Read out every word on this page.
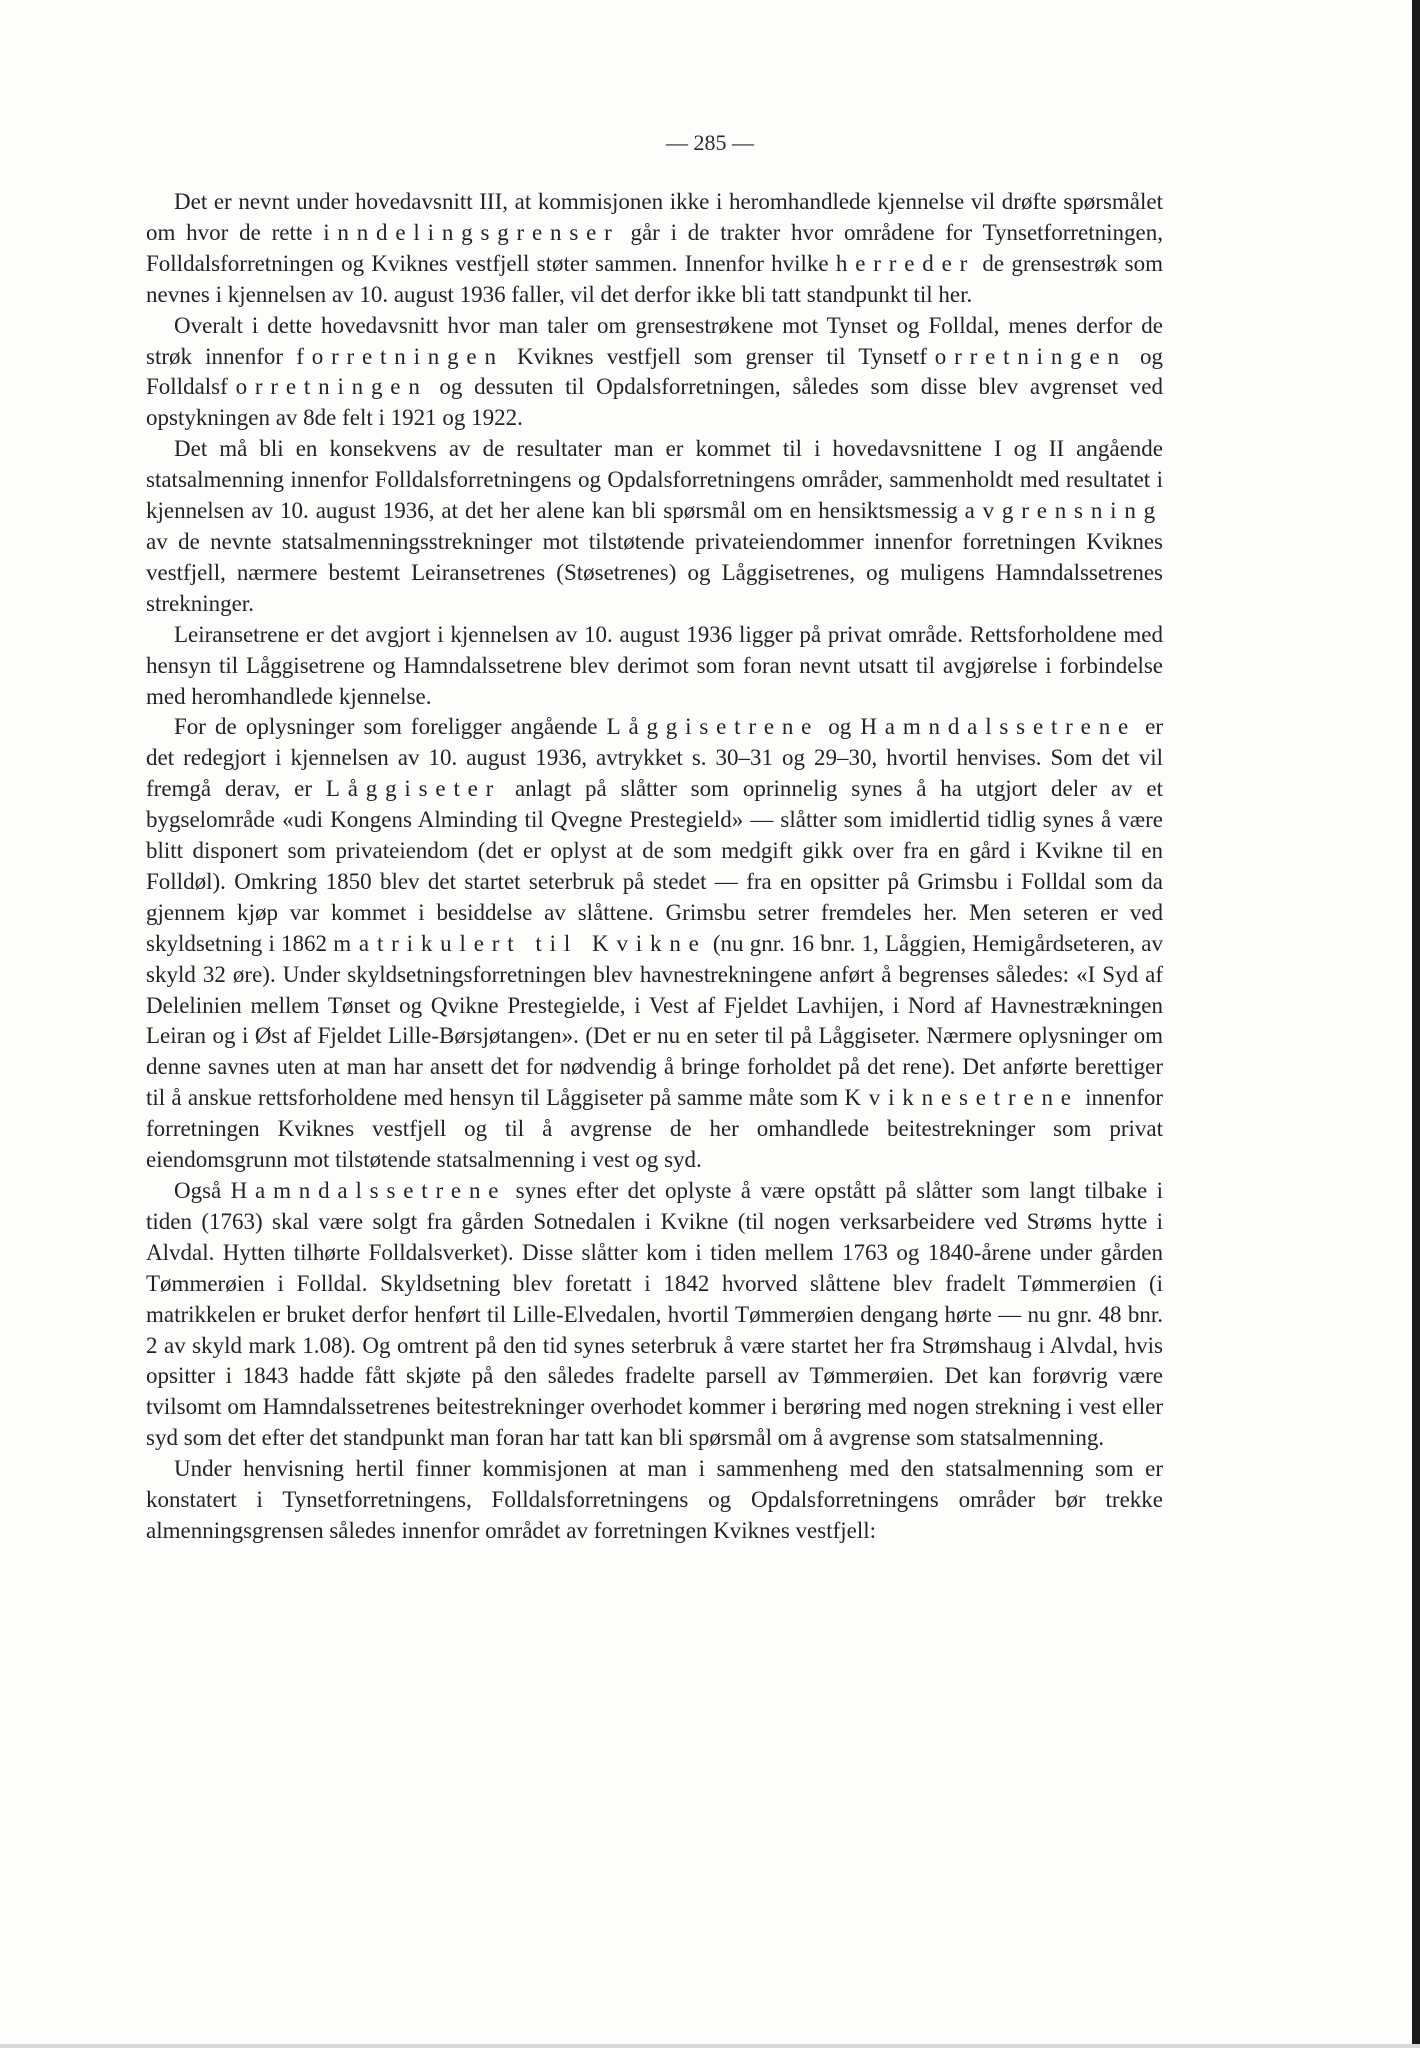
— 285 —

Det er nevnt under hovedavsnitt III, at kommisjonen ikke i heromhandlede kjennelse vil drøfte spørsmålet om hvor de rette inndelingsgrenser går i de trakter hvor områdene for Tynsetforretningen, Folldalsforretningen og Kviknes vestfjell støter sammen. Innenfor hvilke herreder de grensestrøk som nevnes i kjennelsen av 10. august 1936 faller, vil det derfor ikke bli tatt standpunkt til her.

Overalt i dette hovedavsnitt hvor man taler om grensestrøkene mot Tynset og Folldal, menes derfor de strøk innenfor forretningen Kviknes vestfjell som grenser til Tynsetforretningen og Folldalsforretningen og dessuten til Opdalsforretningen, således som disse blev avgrenset ved opstykningen av 8de felt i 1921 og 1922.

Det må bli en konsekvens av de resultater man er kommet til i hovedavsnittene I og II angående statsalmenning innenfor Folldalsforretningens og Opdalsforretningens områder, sammenholdt med resultatet i kjennelsen av 10. august 1936, at det her alene kan bli spørsmål om en hensiktsmessig avgrensning av de nevnte statsalmenningsstrekninger mot tilstøtende privateiendommer innenfor forretningen Kviknes vestfjell, nærmere bestemt Leiransetrenes (Støsetrenes) og Låggisetrenes, og muligens Hamndalssetrenes strekninger.

Leiransetrene er det avgjort i kjennelsen av 10. august 1936 ligger på privat område. Rettsforholdene med hensyn til Låggisetrene og Hamndalssetrene blev derimot som foran nevnt utsatt til avgjørelse i forbindelse med heromhandlede kjennelse.

For de oplysninger som foreligger angående Låggisetrene og Hamndalssetrene er det redegjort i kjennelsen av 10. august 1936, avtrykket s. 30–31 og 29–30, hvortil henvises. Som det vil fremgå derav, er Låggiseter anlagt på slåtter som oprinnelig synes å ha utgjort deler av et bygselområde «udi Kongens Alminding til Qvegne Prestegield» — slåtter som imidlertid tidlig synes å være blitt disponert som privateiendom (det er oplyst at de som medgift gikk over fra en gård i Kvikne til en Folldøl). Omkring 1850 blev det startet seterbruk på stedet — fra en opsitter på Grimsbu i Folldal som da gjennem kjøp var kommet i besiddelse av slåttene. Grimsbu setrer fremdeles her. Men seteren er ved skyldsetning i 1862 matrikulert til Kvikne (nu gnr. 16 bnr. 1, Låggien, Hemigårdseteren, av skyld 32 øre). Under skyldsetningsforretningen blev havnestrekningene anført å begrenses således: «I Syd af Delelinien mellem Tønset og Qvikne Prestegielde, i Vest af Fjeldet Lavhijen, i Nord af Havnestrækningen Leiran og i Øst af Fjeldet Lille-Børsjøtangen». (Det er nu en seter til på Låggiseter. Nærmere oplysninger om denne savnes uten at man har ansett det for nødvendig å bringe forholdet på det rene). Det anførte berettiger til å anskue rettsforholdene med hensyn til Låggiseter på samme måte som Kviknesetrene innenfor forretningen Kviknes vestfjell og til å avgrense de her omhandlede beitestrekninger som privat eiendomsgrunn mot tilstøtende statsalmenning i vest og syd.

Også Hamndalssetrene synes efter det oplyste å være opstått på slåtter som langt tilbake i tiden (1763) skal være solgt fra gården Sotnedalen i Kvikne (til nogen verksarbeidere ved Strøms hytte i Alvdal. Hytten tilhørte Folldalsverket). Disse slåtter kom i tiden mellem 1763 og 1840-årene under gården Tømmerøien i Folldal. Skyldsetning blev foretatt i 1842 hvorved slåttene blev fradelt Tømmerøien (i matrikkelen er bruket derfor henført til Lille-Elvedalen, hvortil Tømmerøien dengang hørte — nu gnr. 48 bnr. 2 av skyld mark 1.08). Og omtrent på den tid synes seterbruk å være startet her fra Strømshaug i Alvdal, hvis opsitter i 1843 hadde fått skjøte på den således fradelte parsell av Tømmerøien. Det kan forøvrig være tvilsomt om Hamndalssetrenes beitestrekninger overhodet kommer i berøring med nogen strekning i vest eller syd som det efter det standpunkt man foran har tatt kan bli spørsmål om å avgrense som statsalmenning.

Under henvisning hertil finner kommisjonen at man i sammenheng med den statsalmenning som er konstatert i Tynsetforretningens, Folldalsforretningens og Opdalsforretningens områder bør trekke almenningsgrensen således innenfor området av forretningen Kviknes vestfjell:
